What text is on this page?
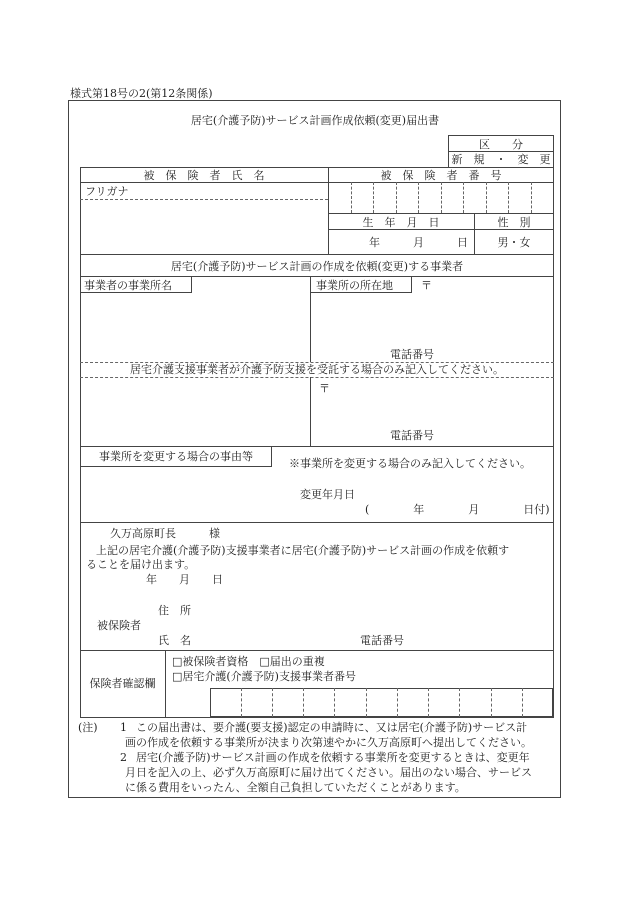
様式第18号の2(第12条関係)
居宅(介護予防)サービス計画作成依頼(変更)届出書
区　　分
新　規　・　変　更
被　保　険　者　氏　名	被　保　険　者　番　号
フリガナ
生　年　月　日	性　別
年　　　月　　　日	男・女
居宅(介護予防)サービス計画の作成を依頼(変更)する事業者
事業者の事業所名	事業所の所在地	〒
電話番号
居宅介護支援事業者が介護予防支援を受託する場合のみ記入してください。
〒
電話番号
事業所を変更する場合の事由等
※事業所を変更する場合のみ記入してください。
変更年月日
(　　　　年　　　　月　　　　日付)
久万高原町長　　　様
上記の居宅介護(介護予防)支援事業者に居宅(介護予防)サービス計画の作成を依頼す
ることを届け出ます。
年　　月　　日
住　所
被保険者
氏　名	電話番号
保険者確認欄
□被保険者資格　□届出の重複
□居宅介護(介護予防)支援事業者番号
(注) 1 この届出書は、要介護(要支援)認定の申請時に、又は居宅(介護予防)サービス計
画の作成を依頼する事業所が決まり次第速やかに久万高原町へ提出してください。
2 居宅(介護予防)サービス計画の作成を依頼する事業所を変更するときは、変更年
月日を記入の上、必ず久万高原町に届け出てください。届出のない場合、サービス
に係る費用をいったん、全額自己負担していただくことがあります。
